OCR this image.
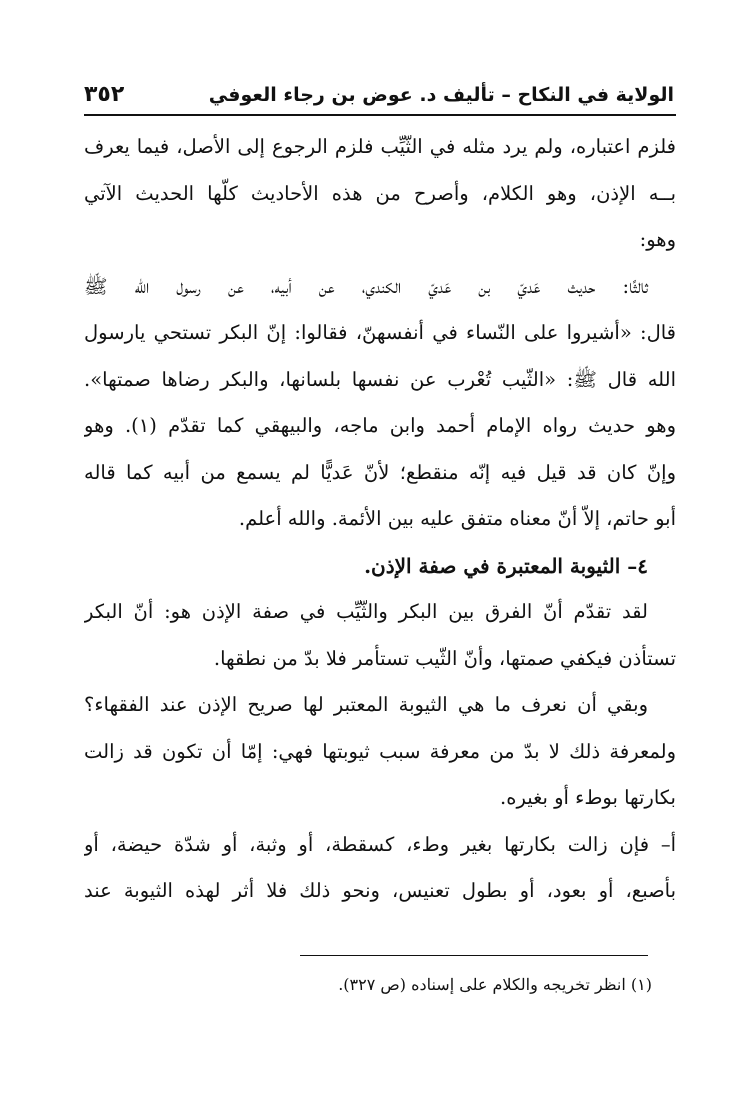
الولاية في النكاح – تأليف د. عوض بن رجاء العوفي
٣٥٢
فلزم اعتباره، ولم يرد مثله في الثّيِّب فلزم الرجوع إلى الأصل، فيما يعرف
بــه الإذن، وهو الكلام، وأصرح من هذه الأحاديث كلّها الحديث الآتي
وهو:
ثالثًا: حديث عَديّ بن عَديّ الكندي، عن أبيه، عن رسول الله ﷺ
قال: «أشيروا على النّساء في أنفسهنّ، فقالوا: إنّ البكر تستحي يارسول
الله قال ﷺ: «الثّيب تُعْرب عن نفسها بلسانها، والبكر رضاها صمتها».
وهو حديث رواه الإمام أحمد وابن ماجه، والبيهقي كما تقدّم (١). وهو
وإنّ كان قد قيل فيه إنّه منقطع؛ لأنّ عَديًّا لم يسمع من أبيه كما قاله
أبو حاتم، إلاّ أنّ معناه متفق عليه بين الأئمة. والله أعلم.
٤– الثيوبة المعتبرة في صفة الإذن.
لقد تقدّم أنّ الفرق بين البكر والثّيِّب في صفة الإذن هو: أنّ البكر
تستأذن فيكفي صمتها، وأنّ الثّيب تستأمر فلا بدّ من نطقها.
وبقي أن نعرف ما هي الثيوبة المعتبر لها صريح الإذن عند الفقهاء؟
ولمعرفة ذلك لا بدّ من معرفة سبب ثيوبتها فهي: إمّا أن تكون قد زالت
بكارتها بوطء أو بغيره.
أ– فإن زالت بكارتها بغير وطء، كسقطة، أو وثبة، أو شدّة حيضة، أو
بأصبع، أو بعود، أو بطول تعنيس، ونحو ذلك فلا أثر لهذه الثيوبة عند
(١) انظر تخريجه والكلام على إسناده (ص ٣٢٧).
